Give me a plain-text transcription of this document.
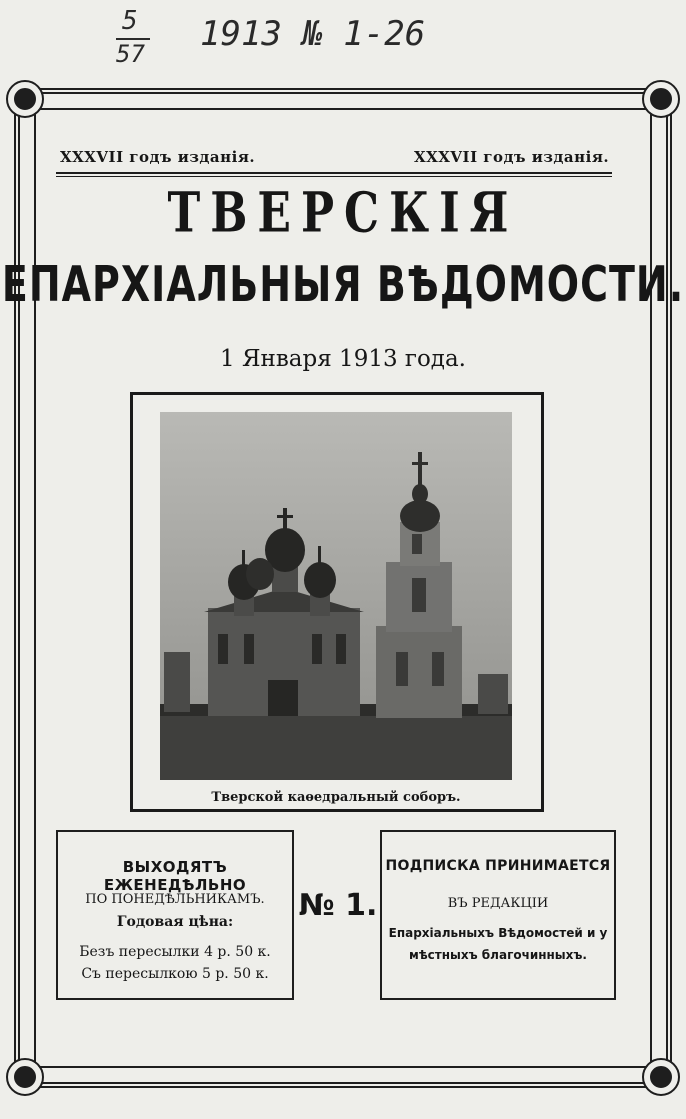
5
57 1913 № 1-26
XXXVII годъ изданія.	XXXVII годъ изданія.
ТВЕРСКІЯ
ЕПАРХІАЛЬНЫЯ ВѢДОМОСТИ.
1 Января 1913 года.
Тверской каѳедральный соборъ.
ВЫХОДЯТЪ ЕЖЕНЕДѢЛЬНО
ПО ПОНЕДѢЛЬНИКАМЪ.
Годовая цѣна:
Безъ пересылки 4 р. 50 к.
Съ пересылкою 5 р. 50 к.
№ 1.
ПОДПИСКА ПРИНИМАЕТСЯ
ВЪ РЕДАКЦІИ
Епархіальныхъ Вѣдомостей и у
мѣстныхъ благочинныхъ.
